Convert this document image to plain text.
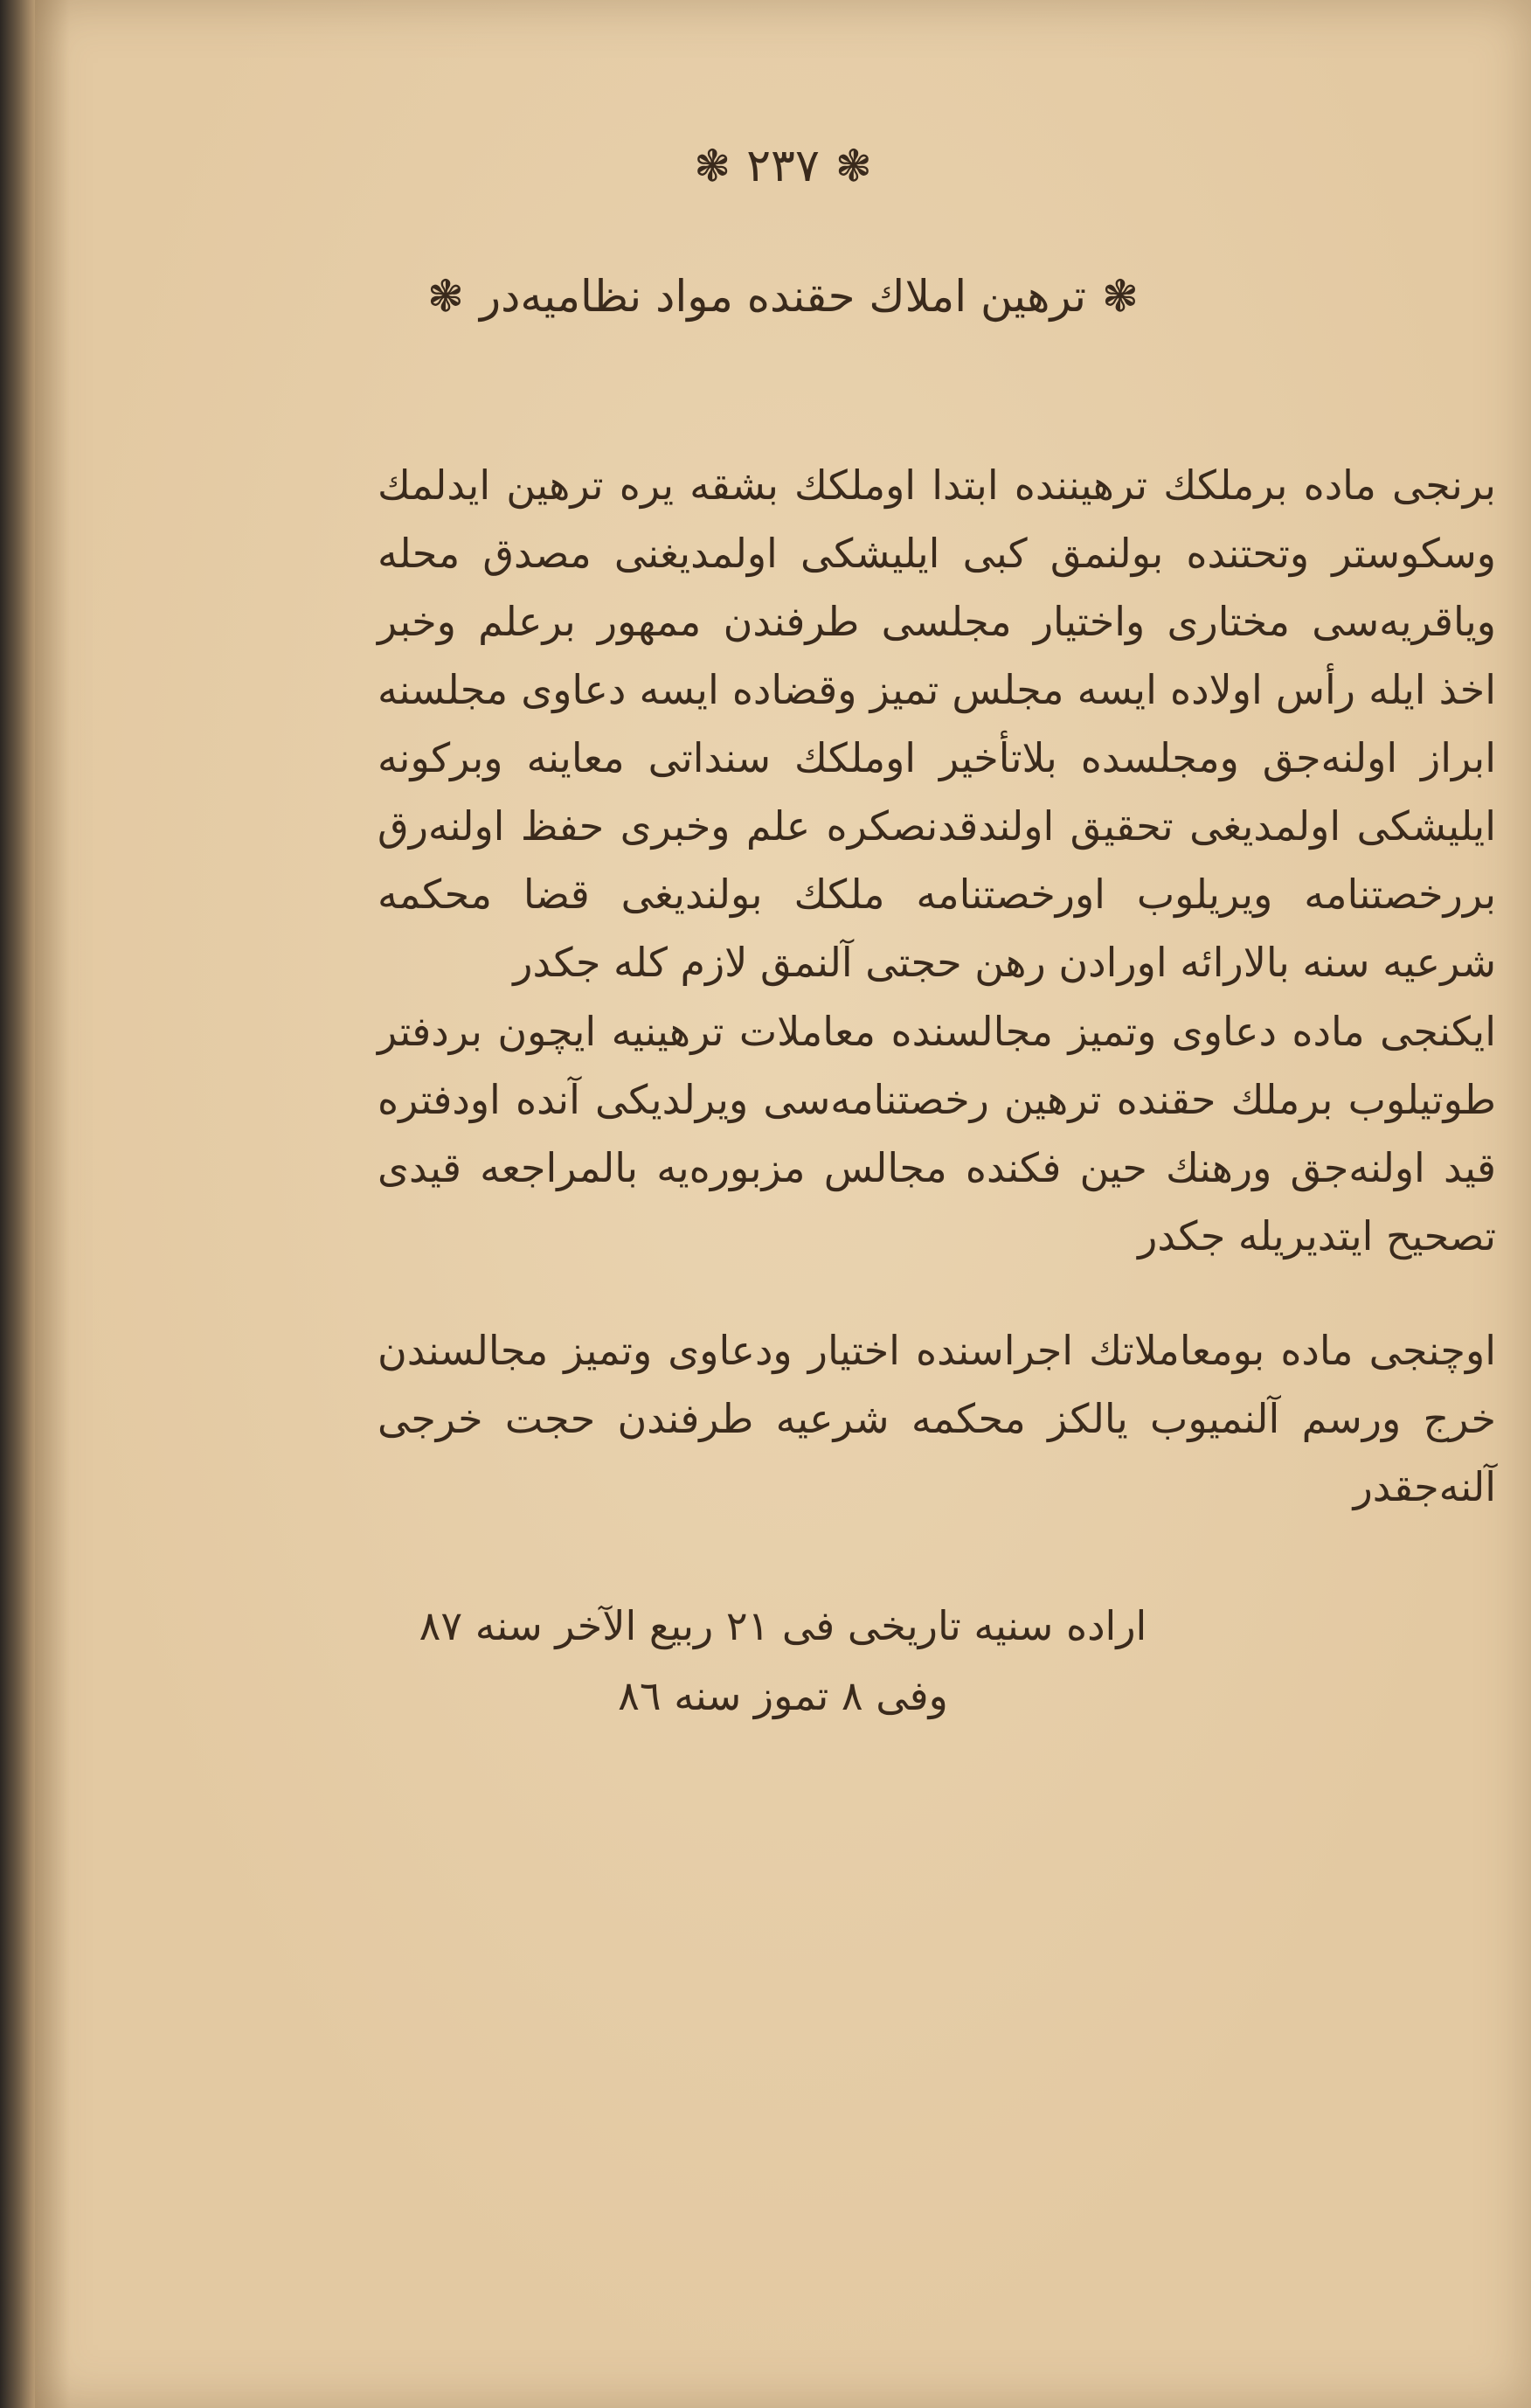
❃۲۳۷❃
❃ترهين املاك حقنده مواد نظاميه‌در❃

برنجی ماده برملكك ترهيننده ابتدا اوملكك بشقه يره ترهين ايدلمك وسكوستر وتحتنده بولنمق كبی ايليشكی اولمديغنی مصدق محله وياقريه‌سی مختاری واختيار مجلسی طرفندن ممهور برعلم وخبر اخذ ايله رأس اولاده ايسه مجلس تميز وقضاده ايسه دعاوی مجلسنه ابراز اولنه‌جق ومجلسده بلاتأخير اوملكك سنداتی معاينه وبركونه ايليشكی اولمديغی تحقيق اولندقدنصكره علم وخبری حفظ اولنه‌رق بررخصتنامه ويريلوب اورخصتنامه ملكك بولنديغی قضا محكمه شرعيه سنه بالارائه اورادن رهن حجتی آلنمق لازم كله جكدر

ايكنجی ماده دعاوی وتميز مجالسنده معاملات ترهينيه ايچون بردفتر طوتيلوب برملك حقنده ترهين رخصتنامه‌سی ويرلديكی آنده اودفتره قيد اولنه‌جق ورهنك حين فكنده مجالس مزبوره‌يه بالمراجعه قيدی تصحيح ايتديريله جكدر

اوچنجی ماده بومعاملاتك اجراسنده اختيار ودعاوی وتميز مجالسندن خرج ورسم آلنميوب يالكز محكمه شرعيه طرفندن حجت خرجی آلنه‌جقدر

اراده سنيه تاريخی فی ۲۱ ربيع الآخر سنه ۸۷
وفی ۸ تموز سنه ۸٦
